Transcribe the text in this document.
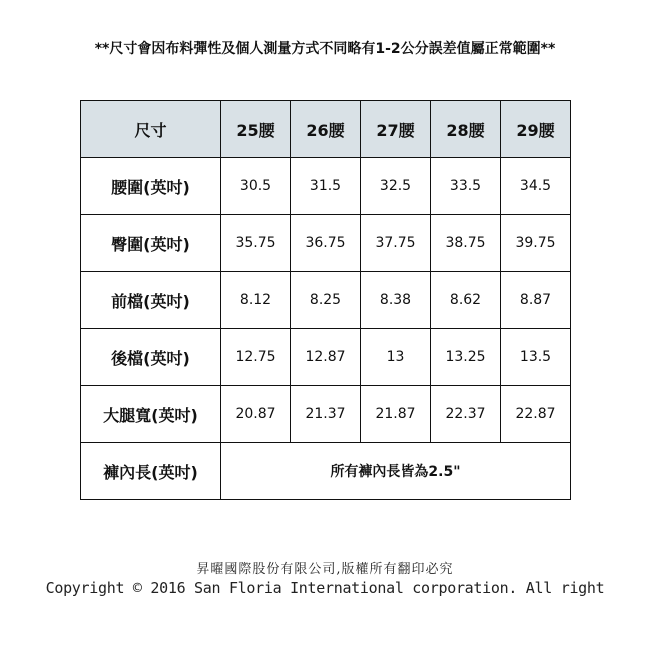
**尺寸會因布料彈性及個人測量方式不同略有1-2公分誤差值屬正常範圍**
尺寸	25腰	26腰	27腰	28腰	29腰
腰圍(英吋)	30.5	31.5	32.5	33.5	34.5
臀圍(英吋)	35.75	36.75	37.75	38.75	39.75
前檔(英吋)	8.12	8.25	8.38	8.62	8.87
後檔(英吋)	12.75	12.87	13	13.25	13.5
大腿寬(英吋)	20.87	21.37	21.87	22.37	22.87
褲內長(英吋)	所有褲內長皆為2.5"				
昇曜國際股份有限公司,版權所有翻印必究
Copyright © 2016 San Floria International corporation. All right
